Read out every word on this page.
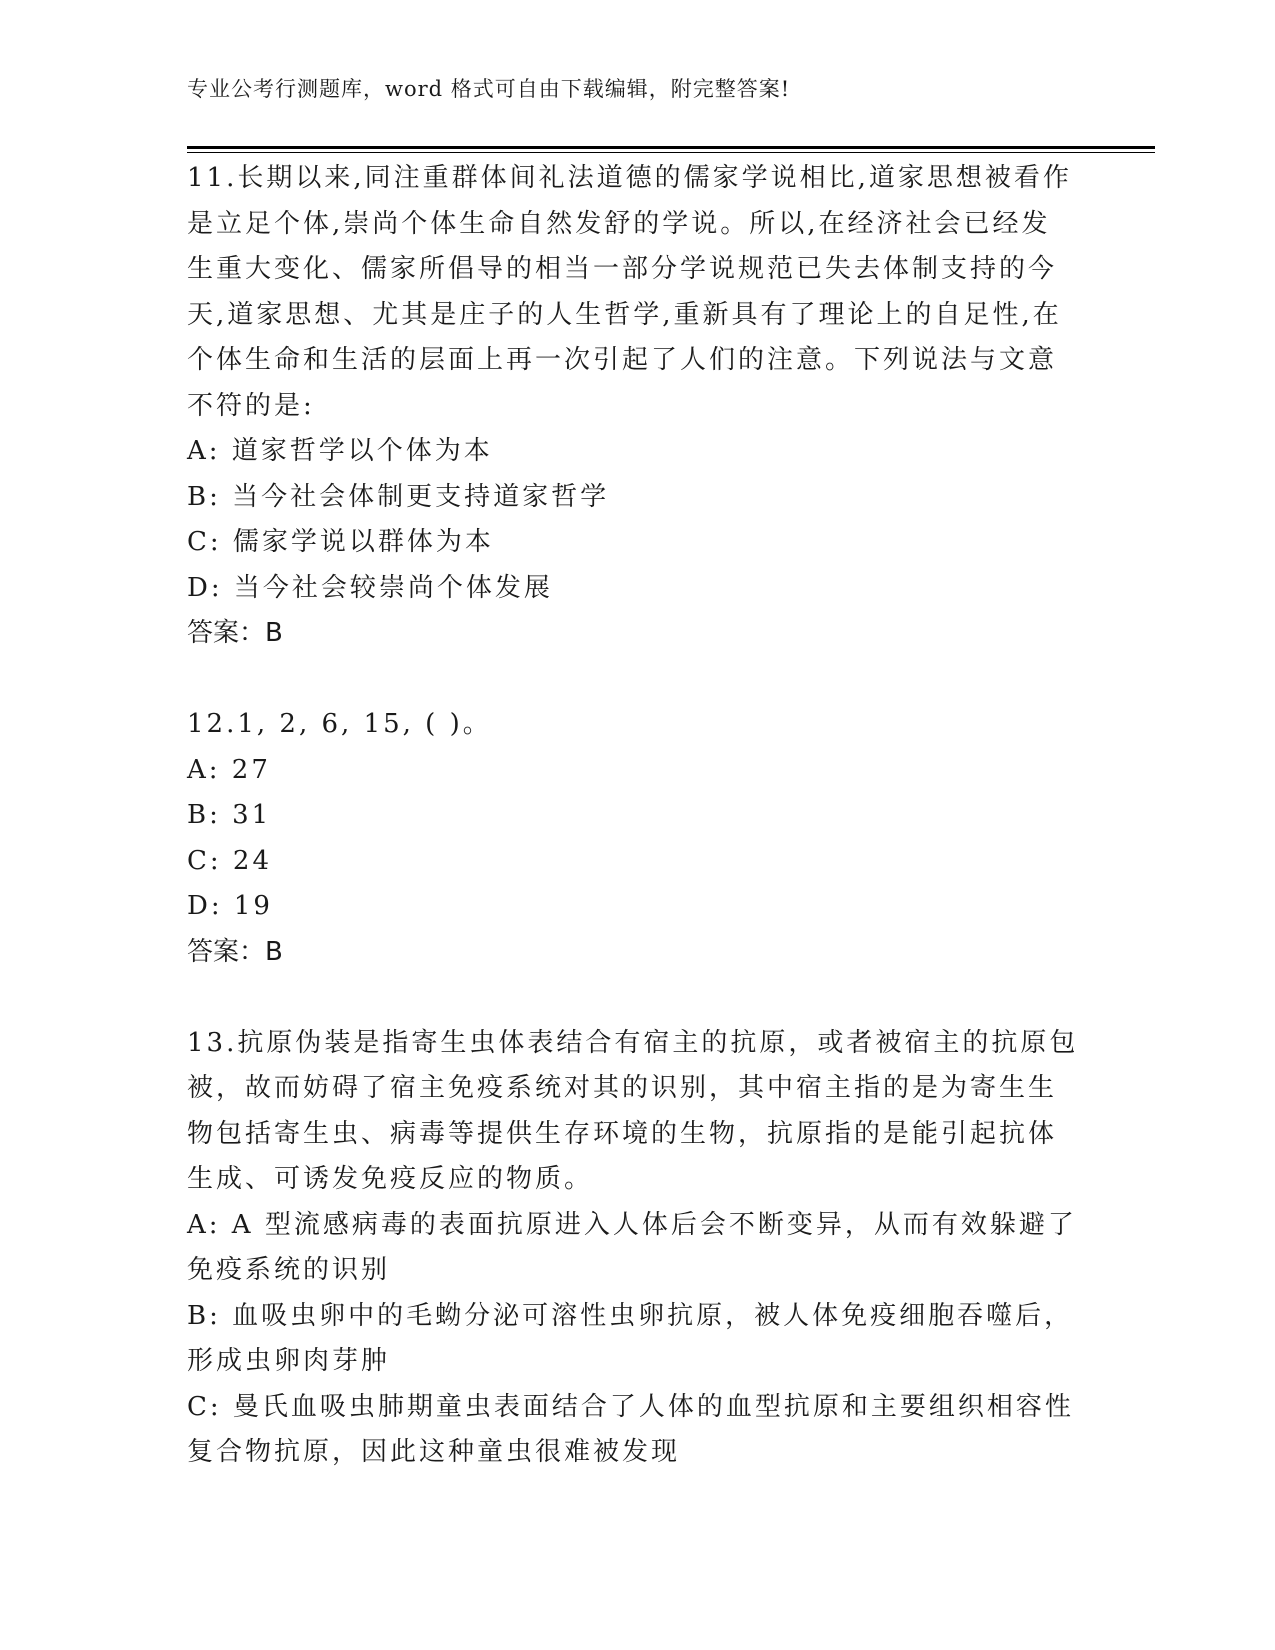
专业公考行测题库，word 格式可自由下载编辑，附完整答案!
11.长期以来,同注重群体间礼法道德的儒家学说相比,道家思想被看作
是立足个体,崇尚个体生命自然发舒的学说。所以,在经济社会已经发
生重大变化、儒家所倡导的相当一部分学说规范已失去体制支持的今
天,道家思想、尤其是庄子的人生哲学,重新具有了理论上的自足性,在
个体生命和生活的层面上再一次引起了人们的注意。下列说法与文意
不符的是:
A: 道家哲学以个体为本
B: 当今社会体制更支持道家哲学
C: 儒家学说以群体为本
D: 当今社会较崇尚个体发展
答案：B
12.1, 2, 6, 15, ( )。
A: 27
B: 31
C: 24
D: 19
答案：B
13.抗原伪装是指寄生虫体表结合有宿主的抗原，或者被宿主的抗原包
被，故而妨碍了宿主免疫系统对其的识别，其中宿主指的是为寄生生
物包括寄生虫、病毒等提供生存环境的生物，抗原指的是能引起抗体
生成、可诱发免疫反应的物质。
A: A 型流感病毒的表面抗原进入人体后会不断变异，从而有效躲避了
免疫系统的识别
B: 血吸虫卵中的毛蚴分泌可溶性虫卵抗原，被人体免疫细胞吞噬后，
形成虫卵肉芽肿
C: 曼氏血吸虫肺期童虫表面结合了人体的血型抗原和主要组织相容性
复合物抗原，因此这种童虫很难被发现
